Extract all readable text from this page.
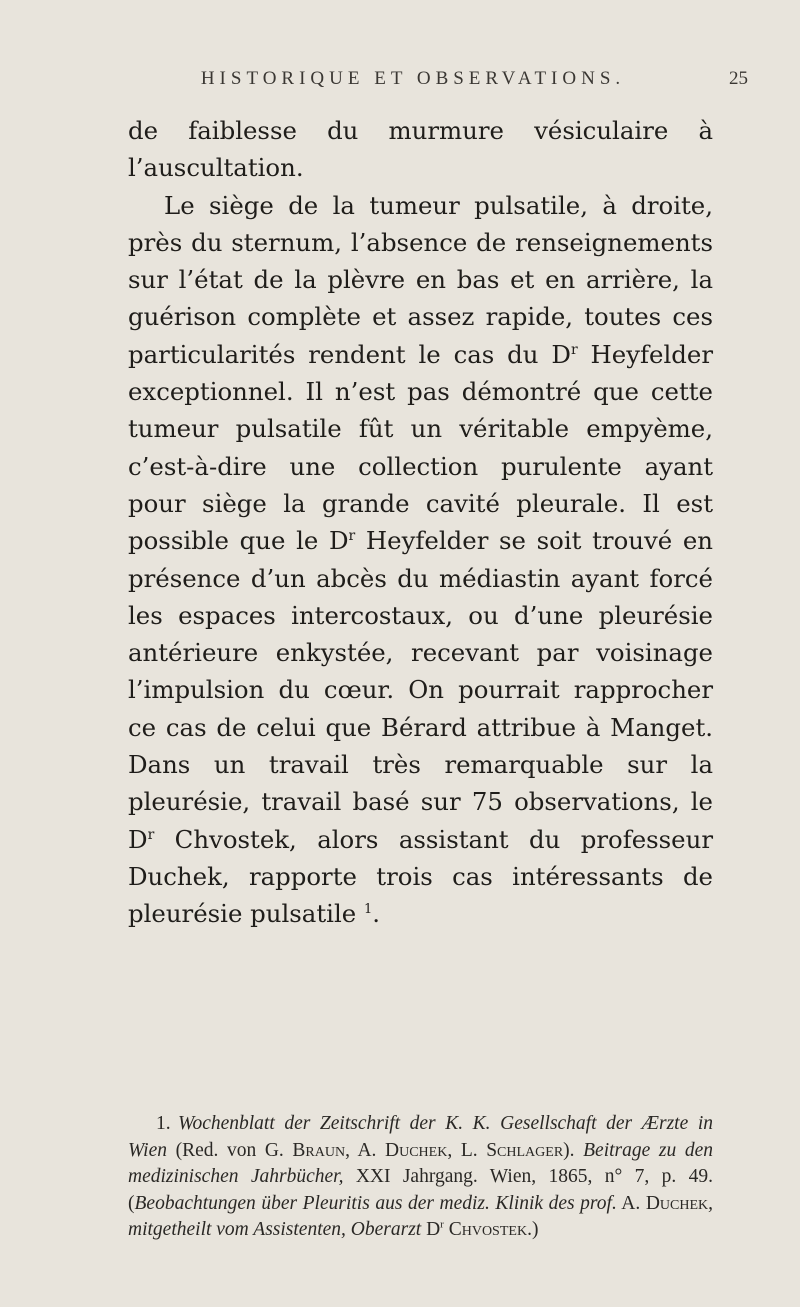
HISTORIQUE ET OBSERVATIONS.	25

de faiblesse du murmure vésiculaire à l’auscultation.

Le siège de la tumeur pulsatile, à droite, près du sternum, l’absence de renseignements sur l’état de la plèvre en bas et en arrière, la guérison complète et assez rapide, toutes ces particularités rendent le cas du $D^r$ Heyfelder exceptionnel. Il n’est pas démontré que cette tumeur pulsatile fût un véritable empyème, c’est-à-dire une collection purulente ayant pour siège la grande cavité pleurale. Il est possible que le $D^r$ Heyfelder se soit trouvé en présence d’un abcès du médiastin ayant forcé les espaces intercostaux, ou d’une pleurésie antérieure enkystée, recevant par voisinage l’impulsion du cœur. On pourrait rapprocher ce cas de celui que Bérard attribue à Manget. Dans un travail très remarquable sur la pleurésie, travail basé sur 75 observations, le $D^r$ Chvostek, alors assistant du professeur Duchek, rapporte trois cas intéressants de pleurésie pulsatile $^1$.

1. Wochenblatt der Zeitschrift der K. K. Gesellschaft der Ærzte in Wien (Red. von G. Braun, A. Duchek, L. Schlager). Beitrage zu den medizinischen Jahrbücher, XXI Jahrgang. Wien, 1865, n° 7, p. 49. (Beobachtungen über Pleuritis aus der mediz. Klinik des prof. A. Duchek, mitgetheilt vom Assistenten, Oberarzt $D^r$ Chvostek.)
